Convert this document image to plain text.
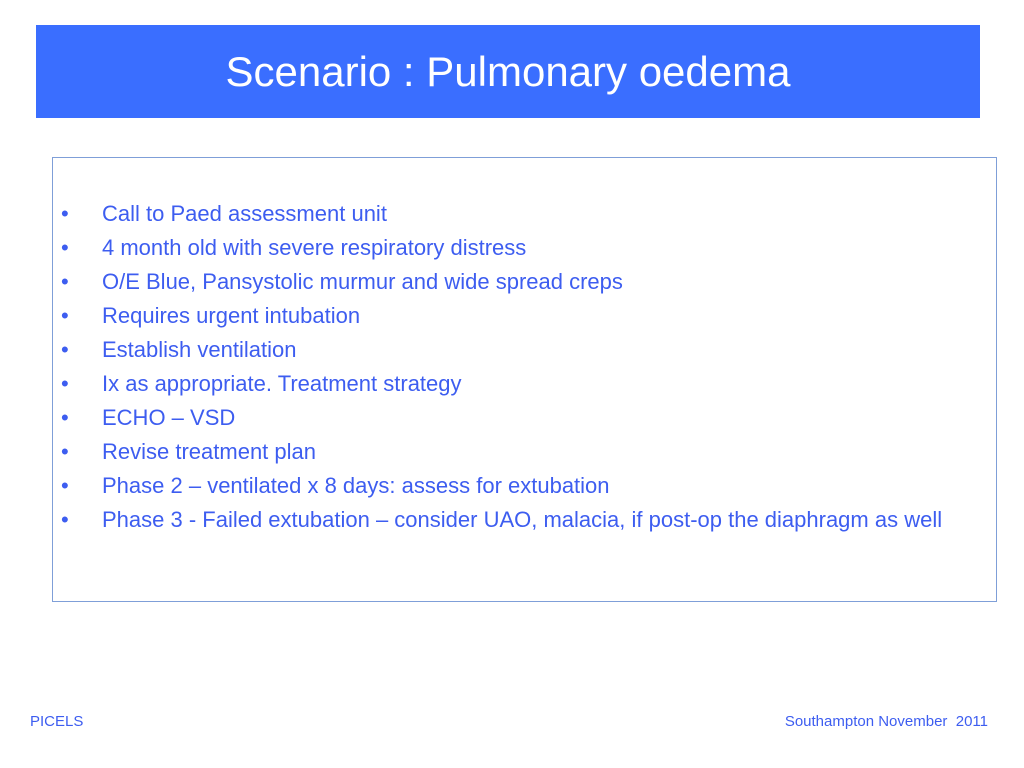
Scenario : Pulmonary oedema
•	Call to Paed assessment unit
•	4 month old with severe respiratory distress
•	O/E Blue, Pansystolic murmur and wide spread creps
•	Requires urgent intubation
•	Establish ventilation
•	Ix as appropriate. Treatment strategy
•	ECHO – VSD
•	Revise treatment plan
•	Phase 2 – ventilated x 8 days: assess for extubation
•	Phase 3 - Failed extubation – consider UAO, malacia, if post-op the diaphragm as well
PICELS	Southampton November  2011
